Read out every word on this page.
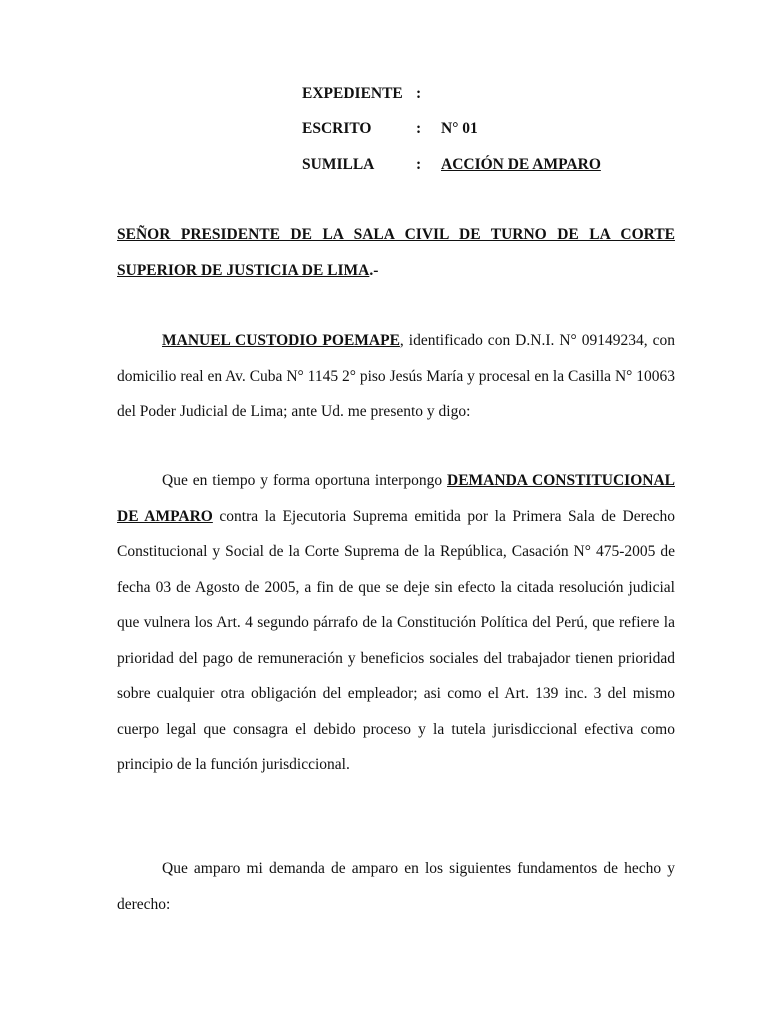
EXPEDIENTE :
ESCRITO	: N° 01
SUMILLA	: ACCIÓN DE AMPARO

SEÑOR PRESIDENTE DE LA SALA CIVIL DE TURNO DE LA CORTE SUPERIOR DE JUSTICIA DE LIMA.-

MANUEL CUSTODIO POEMAPE, identificado con D.N.I. N° 09149234, con domicilio real en Av. Cuba N° 1145 2° piso Jesús María y procesal en la Casilla N° 10063 del Poder Judicial de Lima; ante Ud. me presento y digo:

Que en tiempo y forma oportuna interpongo DEMANDA CONSTITUCIONAL DE AMPARO contra la Ejecutoria Suprema emitida por la Primera Sala de Derecho Constitucional y Social de la Corte Suprema de la República, Casación N° 475-2005 de fecha 03 de Agosto de 2005, a fin de que se deje sin efecto la citada resolución judicial que vulnera los Art. 4 segundo párrafo de la Constitución Política del Perú, que refiere la prioridad del pago de remuneración y beneficios sociales del trabajador tienen prioridad sobre cualquier otra obligación del empleador; asi como el Art. 139 inc. 3 del mismo cuerpo legal que consagra el debido proceso y la tutela jurisdiccional efectiva como principio de la función jurisdiccional.

Que amparo mi demanda de amparo en los siguientes fundamentos de hecho y derecho:
